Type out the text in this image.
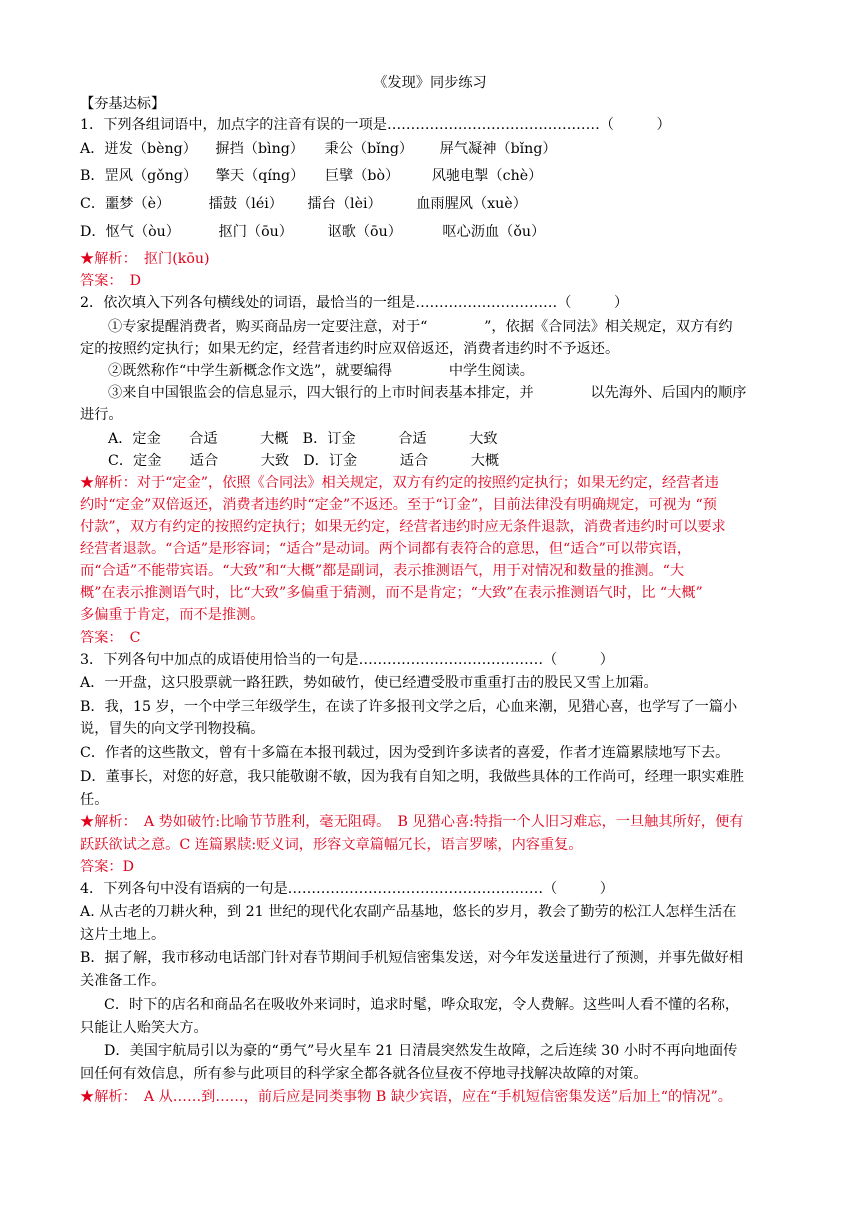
《发现》同步练习
【夯基达标】
1．下列各组词语中，加点字的注音有误的一项是………………………………………（　　　）
A．迸发（bèng） 摒挡（bìng） 秉公（bǐng） 屏气凝神（bǐng）
B．罡风（gǒng） 擎天（qíng） 巨擘（bò） 风驰电掣（chè）
C．噩梦（è）	擂鼓（léi） 擂台（lèi） 血雨腥风（xuè）
D．怄气（òu）	抠门（ōu） 讴歌（ōu）	呕心沥血（ǒu）
★解析：　抠门(kōu)
答案：　D
2．依次填入下列各句横线处的词语，最恰当的一组是…………………………（　　　）
①专家提醒消费者，购买商品房一定要注意，对于“　　　　”，依据《合同法》相关规定，双方有约
定的按照约定执行；如果无约定，经营者违约时应双倍返还，消费者违约时不予返还。
②既然称作“中学生新概念作文选”，就要编得　　　　中学生阅读。
③来自中国银监会的信息显示，四大银行的上市时间表基本排定，并　　　　以先海外、后国内的顺序
进行。
A．定金　　合适　　　大概　B．订金　　　合适　　　大致
C．定金　　适合　　　大致　D．订金　　　适合　　　大概
★解析：对于“定金”，依照《合同法》相关规定，双方有约定的按照约定执行；如果无约定，经营者违
约时“定金”双倍返还，消费者违约时“定金”不返还。至于“订金”，目前法律没有明确规定，可视为 “预
付款”，双方有约定的按照约定执行；如果无约定，经营者违约时应无条件退款，消费者违约时可以要求
经营者退款。“合适”是形容词；“适合”是动词。两个词都有表符合的意思，但“适合”可以带宾语，
而“合适”不能带宾语。“大致”和“大概”都是副词，表示推测语气，用于对情况和数量的推测。“大
概”在表示推测语气时，比“大致”多偏重于猜测，而不是肯定；“大致”在表示推测语气时，比 “大概”
多偏重于肯定，而不是推测。
答案：　C
3．下列各句中加点的成语使用恰当的一句是…………………………………（　　　）
A．一开盘，这只股票就一路狂跌，势如破竹，使已经遭受股市重重打击的股民又雪上加霜。
B．我，15 岁，一个中学三年级学生，在读了许多报刊文学之后，心血来潮，见猎心喜，也学写了一篇小
说，冒失的向文学刊物投稿。
C．作者的这些散文，曾有十多篇在本报刊载过，因为受到许多读者的喜爱，作者才连篇累牍地写下去。
D．董事长，对您的好意，我只能敬谢不敏，因为我有自知之明，我做些具体的工作尚可，经理一职实难胜
任。
★解析：　A 势如破竹:比喻节节胜利，毫无阻碍。　B 见猎心喜:特指一个人旧习难忘，一旦触其所好，便有
跃跃欲试之意。C 连篇累牍:贬义词，形容文章篇幅冗长，语言罗嗦，内容重复。
答案：D
4．下列各句中没有语病的一句是………………………………………………（　　　）
A. 从古老的刀耕火种，到 21 世纪的现代化农副产品基地，悠长的岁月，教会了勤劳的松江人怎样生活在
这片土地上。
B．据了解，我市移动电话部门针对春节期间手机短信密集发送，对今年发送量进行了预测，并事先做好相
关准备工作。
C．时下的店名和商品名在吸收外来词时，追求时髦，哗众取宠，令人费解。这些叫人看不懂的名称，
只能让人贻笑大方。
D．美国宇航局引以为豪的“勇气”号火星车 21 日清晨突然发生故障，之后连续 30 小时不再向地面传
回任何有效信息，所有参与此项目的科学家全都各就各位昼夜不停地寻找解决故障的对策。
★解析：　A 从……到……，前后应是同类事物 B 缺少宾语，应在“手机短信密集发送”后加上“的情况”。
